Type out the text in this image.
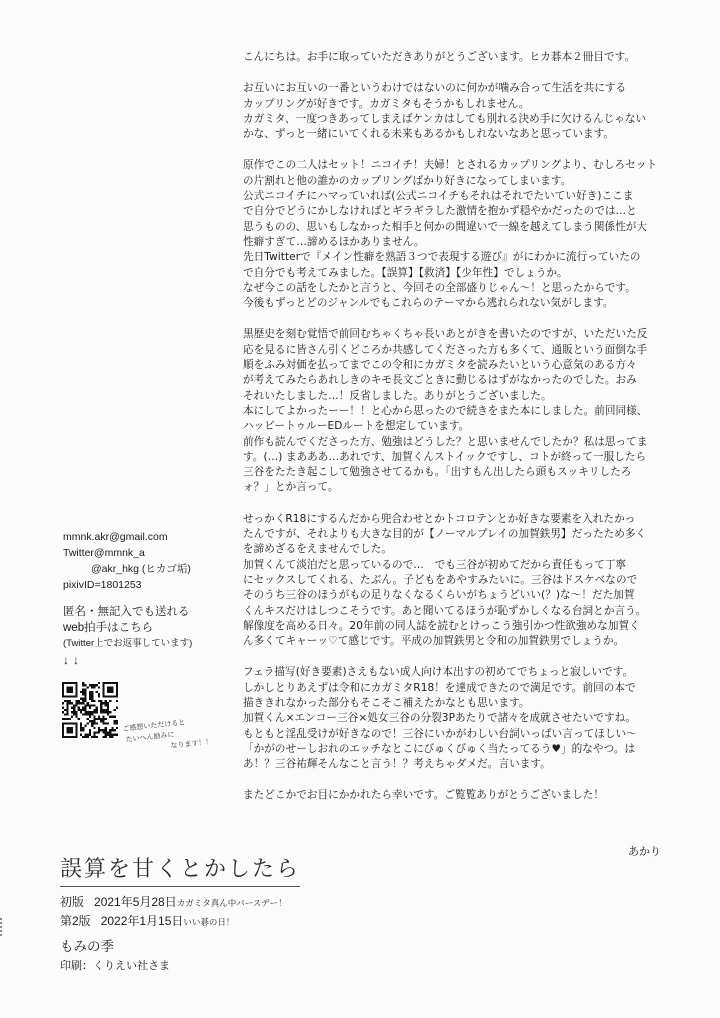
こんにちは。お手に取っていただきありがとうございます。ヒカ碁本２冊目です。
お互いにお互いの一番というわけではないのに何かが噛み合って生活を共にする
カップリングが好きです。カガミタもそうかもしれません。
カガミタ、一度つきあってしまえばケンカはしても別れる決め手に欠けるんじゃない
かな、ずっと一緒にいてくれる未来もあるかもしれないなあと思っています。
原作でこの二人はセット！ニコイチ！夫婦！とされるカップリングより、むしろセット
の片割れと他の誰かのカップリングばかり好きになってしまいます。
公式ニコイチにハマっていれば(公式ニコイチもそれはそれでたいてい好き)ここま
で自分でどうにかしなければとギラギラした激情を抱かず穏やかだったのでは…と
思うものの、思いもしなかった相手と何かの間違いで一線を越えてしまう関係性が大
性癖すぎて…諦めるほかありません。
先日Twitterで『メイン性癖を熟語３つで表現する遊び』がにわかに流行っていたの
で自分でも考えてみました。【誤算】【救済】【少年性】でしょうか。
なぜ今この話をしたかと言うと、今回その全部盛りじゃん～！と思ったからです。
今後もずっとどのジャンルでもこれらのテーマから逃れられない気がします。
黒歴史を刻む覚悟で前回むちゃくちゃ長いあとがきを書いたのですが、いただいた反
応を見るに皆さん引くどころか共感してくださった方も多くて、通販という面倒な手
順をふみ対価を払ってまでこの令和にカガミタを読みたいという心意気のある方々
が考えてみたらあれしきのキモ長文ごときに動じるはずがなかったのでした。おみ
それいたしました…！反省しました。ありがとうございました。
本にしてよかったーー！！と心から思ったので続きをまた本にしました。前回同様、
ハッピートゥルーEDルートを想定しています。
前作も読んでくださった方、勉強はどうした？と思いませんでしたか？私は思ってま
す。(…) まあああ…あれです、加賀くんストイックですし、コトが終って一服したら
三谷をたたき起こして勉強させてるかも。「出すもん出したら頭もスッキリしたろ
ォ？」とか言って。
せっかくR18にするんだから兜合わせとかトコロテンとか好きな要素を入れたかっ
たんですが、それよりも大きな目的が【ノーマルプレイの加賀鉄男】だったため多く
を諦めざるをえませんでした。
加賀くんて淡泊だと思っているので…　でも三谷が初めてだから責任もって丁寧
にセックスしてくれる、たぶん。子どもをあやすみたいに。三谷はドスケベなので
そのうち三谷のほうがもの足りなくなるくらいがちょうどいい(？)な～！だた加賀
くんキスだけはしつこそうです。あと聞いてるほうが恥ずかしくなる台詞とか言う。
解像度を高める日々。20年前の同人誌を読むとけっこう強引かつ性欲強めな加賀く
ん多くてキャーッ♡て感じです。平成の加賀鉄男と令和の加賀鉄男でしょうか。
フェラ描写(好き要素)さえもない成人向け本出すの初めてでちょっと寂しいです。
しかしとりあえずは令和にカガミタR18！を達成できたので満足です。前回の本で
描ききれなかった部分もそこそこ補えたかなとも思います。
加賀くん×エンコー三谷×処女三谷の分裂3Pあたりで諸々を成就させたいですね。
もともと淫乱受けが好きなので！三谷にいかがわしい台詞いっぱい言ってほしい～
「かがのせーしおれのエッチなとこにびゅくびゅく当たってるう♥」的なやつ。は
あ！？三谷祐輝そんなこと言う！？考えちゃダメだ。言います。
またどこかでお目にかかれたら幸いです。ご覧覧ありがとうございました！
あかり
mmnk.akr@gmail.com
Twitter@mmnk_a
@akr_hkg (ヒカゴ垢)
pixivID=1801253
匿名・無記入でも送れる
web拍手はこちら
(Twitter上でお返事しています)
↓↓
ご感想いただけると
たいへん励みに
なります！！
誤算を甘くとかしたら
初版 2021年5月28日カガミタ真ん中バースデー！
第2版 2022年1月15日いい碁の日！
もみの季
印刷：くりえい社さま
